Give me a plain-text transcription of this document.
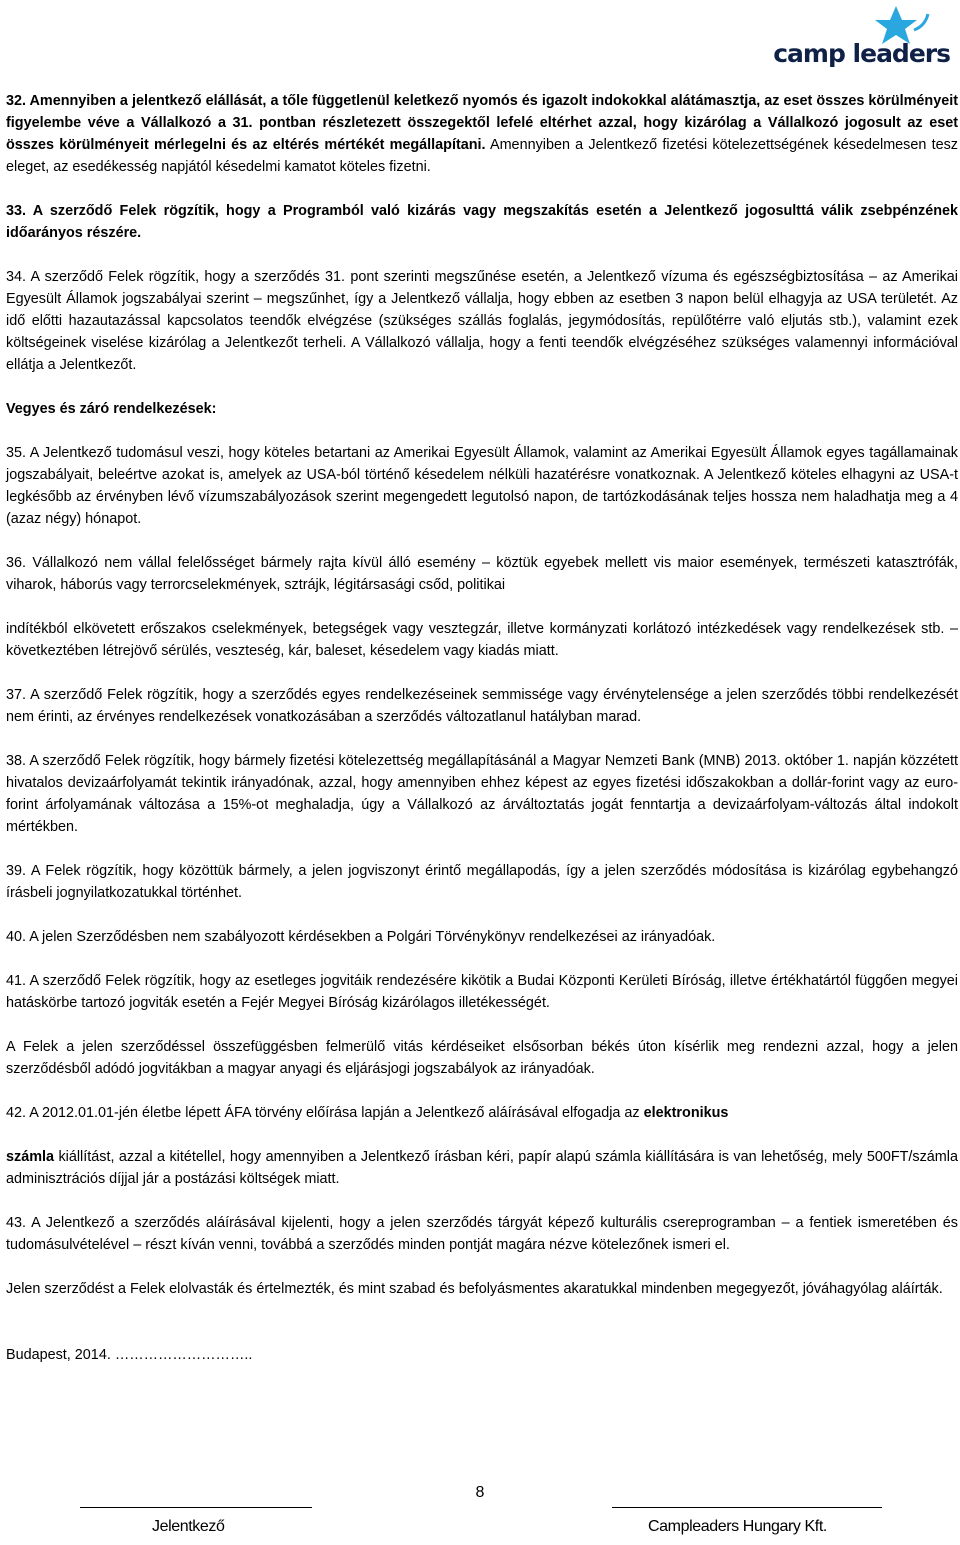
camp leaders

32. Amennyiben a jelentkező elállását, a tőle függetlenül keletkező nyomós és igazolt indokokkal alátámasztja, az eset összes körülményeit figyelembe véve a Vállalkozó a 31. pontban részletezett összegektől lefelé eltérhet azzal, hogy kizárólag a Vállalkozó jogosult az eset összes körülményeit mérlegelni és az eltérés mértékét megállapítani. Amennyiben a Jelentkező fizetési kötelezettségének késedelmesen tesz eleget, az esedékesség napjától késedelmi kamatot köteles fizetni.

33. A szerződő Felek rögzítik, hogy a Programból való kizárás vagy megszakítás esetén a Jelentkező jogosulttá válik zsebpénzének időarányos részére.

34. A szerződő Felek rögzítik, hogy a szerződés 31. pont szerinti megszűnése esetén, a Jelentkező vízuma és egészségbiztosítása – az Amerikai Egyesült Államok jogszabályai szerint – megszűnhet, így a Jelentkező vállalja, hogy ebben az esetben 3 napon belül elhagyja az USA területét. Az idő előtti hazautazással kapcsolatos teendők elvégzése (szükséges szállás foglalás, jegymódosítás, repülőtérre való eljutás stb.), valamint ezek költségeinek viselése kizárólag a Jelentkezőt terheli. A Vállalkozó vállalja, hogy a fenti teendők elvégzéséhez szükséges valamennyi információval ellátja a Jelentkezőt.

Vegyes és záró rendelkezések:

35. A Jelentkező tudomásul veszi, hogy köteles betartani az Amerikai Egyesült Államok, valamint az Amerikai Egyesült Államok egyes tagállamainak jogszabályait, beleértve azokat is, amelyek az USA-ból történő késedelem nélküli hazatérésre vonatkoznak. A Jelentkező köteles elhagyni az USA-t legkésőbb az érvényben lévő vízumszabályozások szerint megengedett legutolsó napon, de tartózkodásának teljes hossza nem haladhatja meg a 4 (azaz négy) hónapot.

36. Vállalkozó nem vállal felelősséget bármely rajta kívül álló esemény – köztük egyebek mellett vis maior események, természeti katasztrófák, viharok, háborús vagy terrorcselekmények, sztrájk, légitársasági csőd, politikai

indítékból elkövetett erőszakos cselekmények, betegségek vagy vesztegzár, illetve kormányzati korlátozó intézkedések vagy rendelkezések stb. – következtében létrejövő sérülés, veszteség, kár, baleset, késedelem vagy kiadás miatt.

37. A szerződő Felek rögzítik, hogy a szerződés egyes rendelkezéseinek semmissége vagy érvénytelensége a jelen szerződés többi rendelkezését nem érinti, az érvényes rendelkezések vonatkozásában a szerződés változatlanul hatályban marad.

38. A szerződő Felek rögzítik, hogy bármely fizetési kötelezettség megállapításánál a Magyar Nemzeti Bank (MNB) 2013. október 1. napján közzétett hivatalos devizaárfolyamát tekintik irányadónak, azzal, hogy amennyiben ehhez képest az egyes fizetési időszakokban a dollár-forint vagy az euro-forint árfolyamának változása a 15%-ot meghaladja, úgy a Vállalkozó az árváltoztatás jogát fenntartja a devizaárfolyam-változás által indokolt mértékben.

39. A Felek rögzítik, hogy közöttük bármely, a jelen jogviszonyt érintő megállapodás, így a jelen szerződés módosítása is kizárólag egybehangzó írásbeli jognyilatkozatukkal történhet.

40. A jelen Szerződésben nem szabályozott kérdésekben a Polgári Törvénykönyv rendelkezései az irányadóak.

41. A szerződő Felek rögzítik, hogy az esetleges jogvitáik rendezésére kikötik a Budai Központi Kerületi Bíróság, illetve értékhatártól függően megyei hatáskörbe tartozó jogviták esetén a Fejér Megyei Bíróság kizárólagos illetékességét.

A Felek a jelen szerződéssel összefüggésben felmerülő vitás kérdéseiket elsősorban békés úton kísérlik meg rendezni azzal, hogy a jelen szerződésből adódó jogvitákban a magyar anyagi és eljárásjogi jogszabályok az irányadóak.

42. A 2012.01.01-jén életbe lépett ÁFA törvény előírása lapján a Jelentkező aláírásával elfogadja az elektronikus

számla kiállítást, azzal a kitétellel, hogy amennyiben a Jelentkező írásban kéri, papír alapú számla kiállítására is van lehetőség, mely 500FT/számla adminisztrációs díjjal jár a postázási költségek miatt.

43. A Jelentkező a szerződés aláírásával kijelenti, hogy a jelen szerződés tárgyát képező kulturális csereprogramban – a fentiek ismeretében és tudomásulvételével – részt kíván venni, továbbá a szerződés minden pontját magára nézve kötelezőnek ismeri el.

Jelen szerződést a Felek elolvasták és értelmezték, és mint szabad és befolyásmentes akaratukkal mindenben megegyezőt, jóváhagyólag aláírták.

Budapest, 2014. ………………………..

8
Jelentkező	Campleaders Hungary Kft.
